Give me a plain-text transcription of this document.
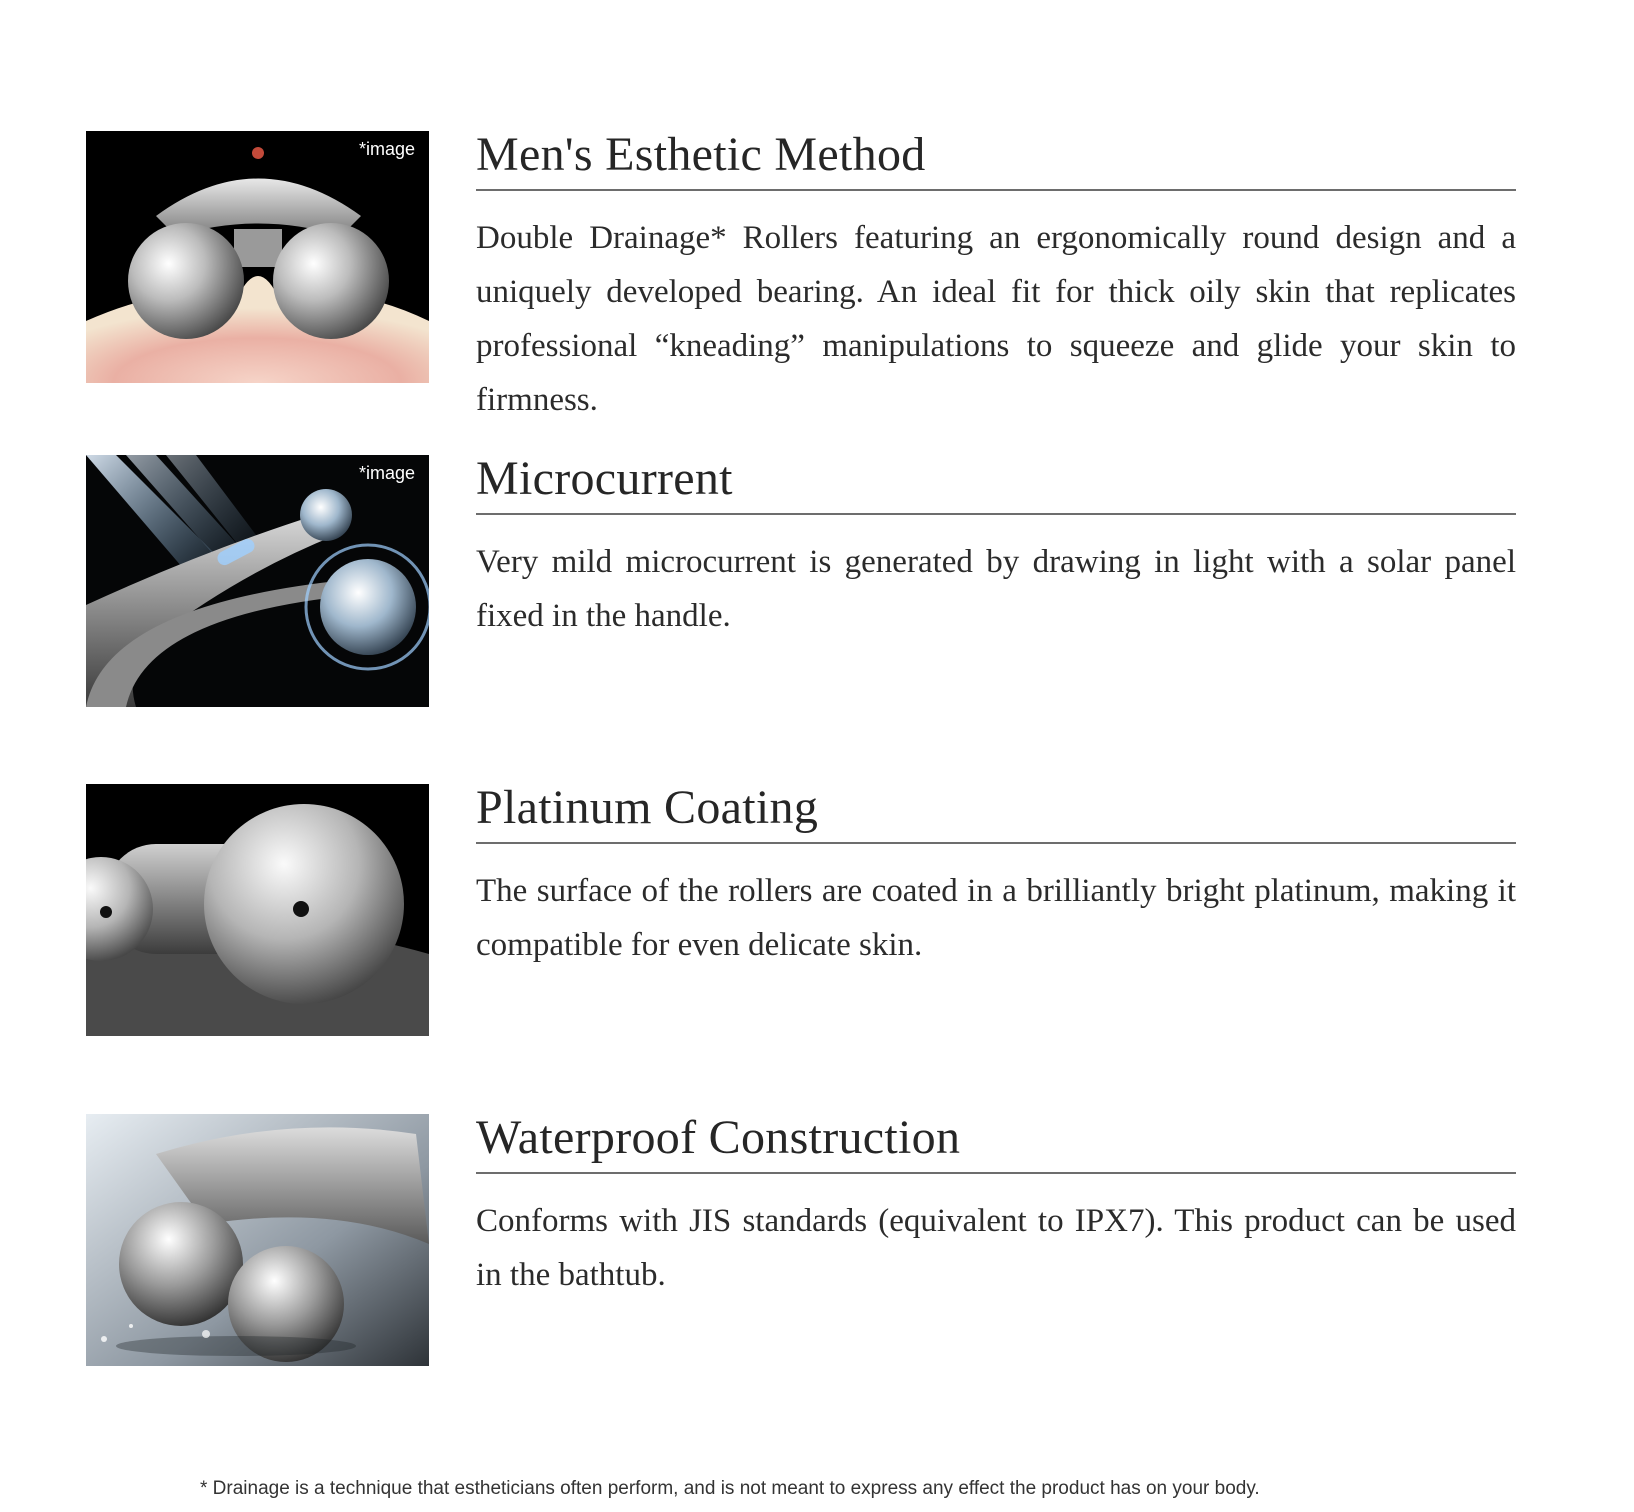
*image Men's Esthetic Method

Double Drainage* Rollers featuring an ergonomically round design and a uniquely developed bearing. An ideal fit for thick oily skin that replicates professional “kneading” manipulations to squeeze and glide your skin to firmness.

*image Microcurrent

Very mild microcurrent is generated by drawing in light with a solar panel fixed in the handle.

Platinum Coating

The surface of the rollers are coated in a brilliantly bright platinum, making it compatible for even delicate skin.

Waterproof Construction

Conforms with JIS standards (equivalent to IPX7). This product can be used in the bathtub.

* Drainage is a technique that estheticians often perform, and is not meant to express any effect the product has on your body.
